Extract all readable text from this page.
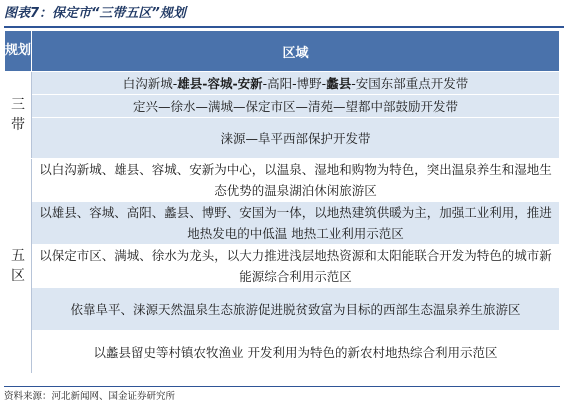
图表7：保定市“三带五区”规划
规划	区域
三带	白沟新城-雄县-容城-安新-高阳-博野-蠡县-安国东部重点开发带
	定兴—徐水—满城—保定市区—清苑—望都中部鼓励开发带
	涞源—阜平西部保护开发带
五区	以白沟新城、雄县、容城、安新为中心，以温泉、湿地和购物为特色，突出温泉养生和湿地生态优势的温泉湖泊休闲旅游区
	以雄县、容城、高阳、蠡县、博野、安国为一体，以地热建筑供暖为主，加强工业利用，推进地热发电的中低温 地热工业利用示范区
	以保定市区、满城、徐水为龙头，以大力推进浅层地热资源和太阳能联合开发为特色的城市新能源综合利用示范区
	依靠阜平、涞源天然温泉生态旅游促进脱贫致富为目标的西部生态温泉养生旅游区
	以蠡县留史等村镇农牧渔业 开发利用为特色的新农村地热综合利用示范区
资料来源：河北新闻网、国金证券研究所
